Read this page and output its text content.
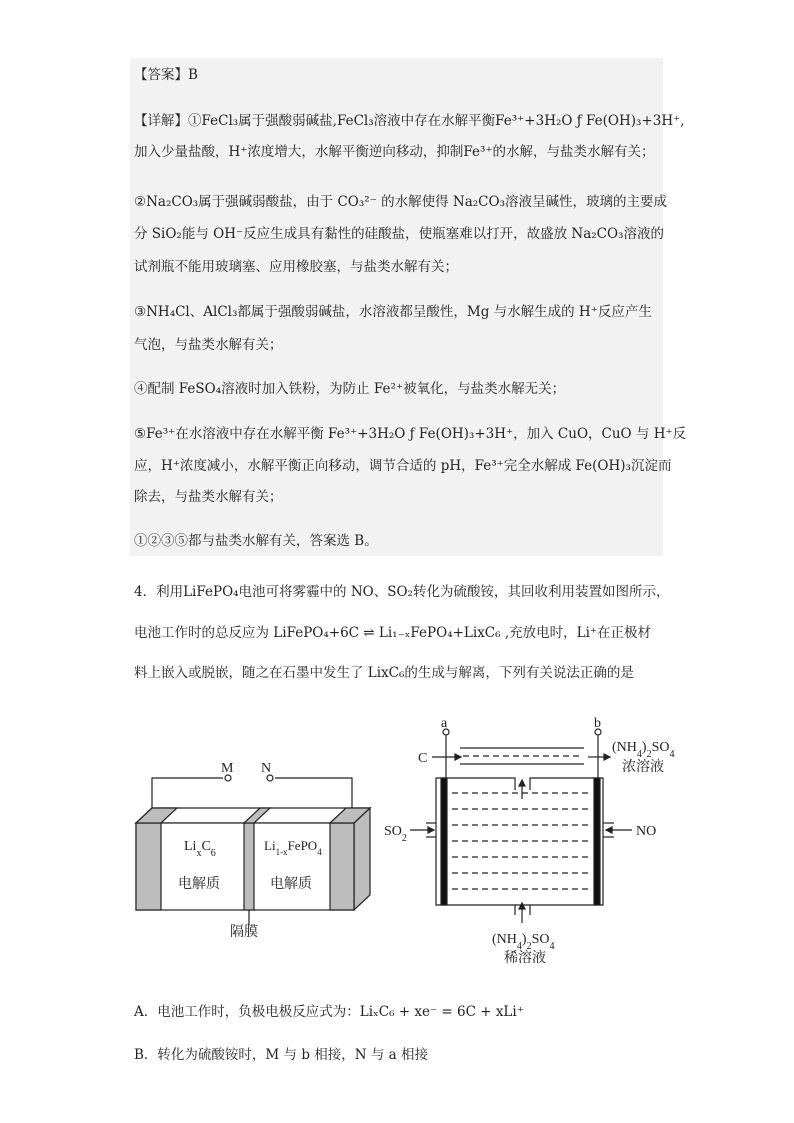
【答案】B
【详解】①FeCl₃属于强酸弱碱盐,FeCl₃溶液中存在水解平衡Fe³⁺+3H₂O ƒ Fe(OH)₃+3H⁺,
加入少量盐酸，H⁺浓度增大，水解平衡逆向移动，抑制Fe³⁺的水解，与盐类水解有关；
②Na₂CO₃属于强碱弱酸盐，由于 CO₃²⁻ 的水解使得 Na₂CO₃溶液呈碱性，玻璃的主要成
分 SiO₂能与 OH⁻反应生成具有黏性的硅酸盐，使瓶塞难以打开，故盛放 Na₂CO₃溶液的
试剂瓶不能用玻璃塞、应用橡胶塞，与盐类水解有关；
③NH₄Cl、AlCl₃都属于强酸弱碱盐，水溶液都呈酸性，Mg 与水解生成的 H⁺反应产生
气泡，与盐类水解有关；
④配制 FeSO₄溶液时加入铁粉，为防止 Fe²⁺被氧化，与盐类水解无关；
⑤Fe³⁺在水溶液中存在水解平衡 Fe³⁺+3H₂O ƒ Fe(OH)₃+3H⁺，加入 CuO，CuO 与 H⁺反
应，H⁺浓度减小，水解平衡正向移动，调节合适的 pH，Fe³⁺完全水解成 Fe(OH)₃沉淀而
除去，与盐类水解有关；
①②③⑤都与盐类水解有关，答案选 B。
4．利用LiFePO₄电池可将雾霾中的 NO、SO₂转化为硫酸铵，其回收利用装置如图所示，
电池工作时的总反应为 LiFePO₄+6C ⇌ Li₁₋ₓFePO₄+LixC₆ ,充放电时，Li⁺在正极材
料上嵌入或脱嵌，随之在石墨中发生了 LixC₆的生成与解离，下列有关说法正确的是
M N
$Li_xC_6$
电解质
$Li_{1-x}FePO_4$
电解质
隔膜
a	b
C
$(NH_4)_2SO_4$
浓溶液
$SO_2$	NO
$(NH_4)_2SO_4$
稀溶液
A．电池工作时，负极电极反应式为：LiₓC₆ + xe⁻ = 6C + xLi⁺
B．转化为硫酸铵时，M 与 b 相接，N 与 a 相接
